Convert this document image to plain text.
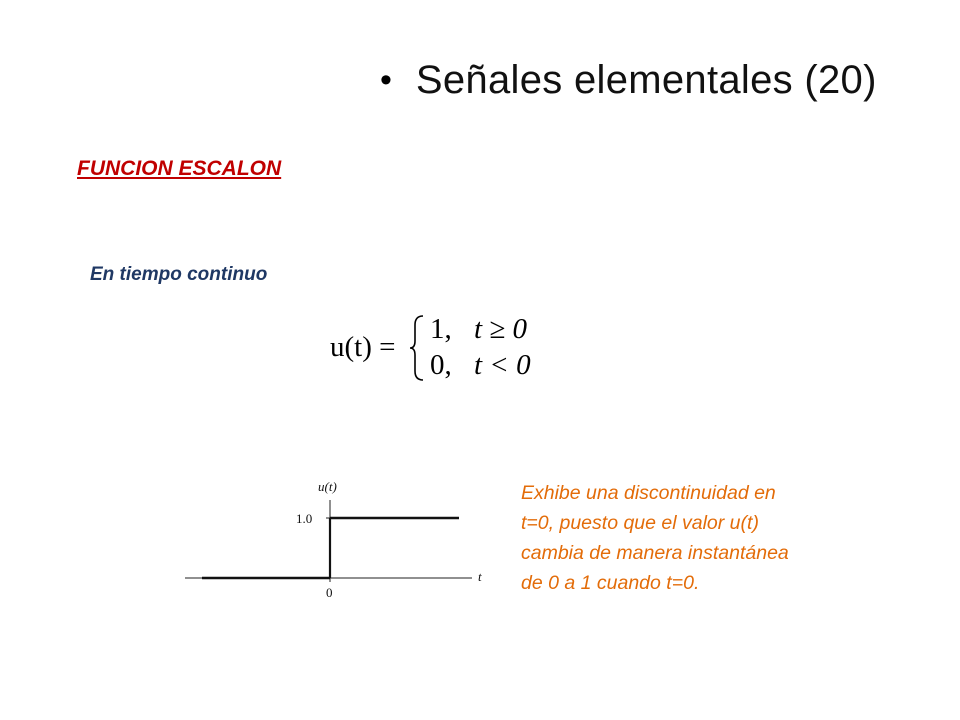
• Señales elementales (20)
FUNCION ESCALON
En tiempo continuo
u(t) =
1, t ≥ 0
0, t < 0
u(t)
t
1.0
0
Exhibe una discontinuidad en
t=0, puesto que el valor u(t)
cambia de manera instantánea
de 0 a 1 cuando t=0.
